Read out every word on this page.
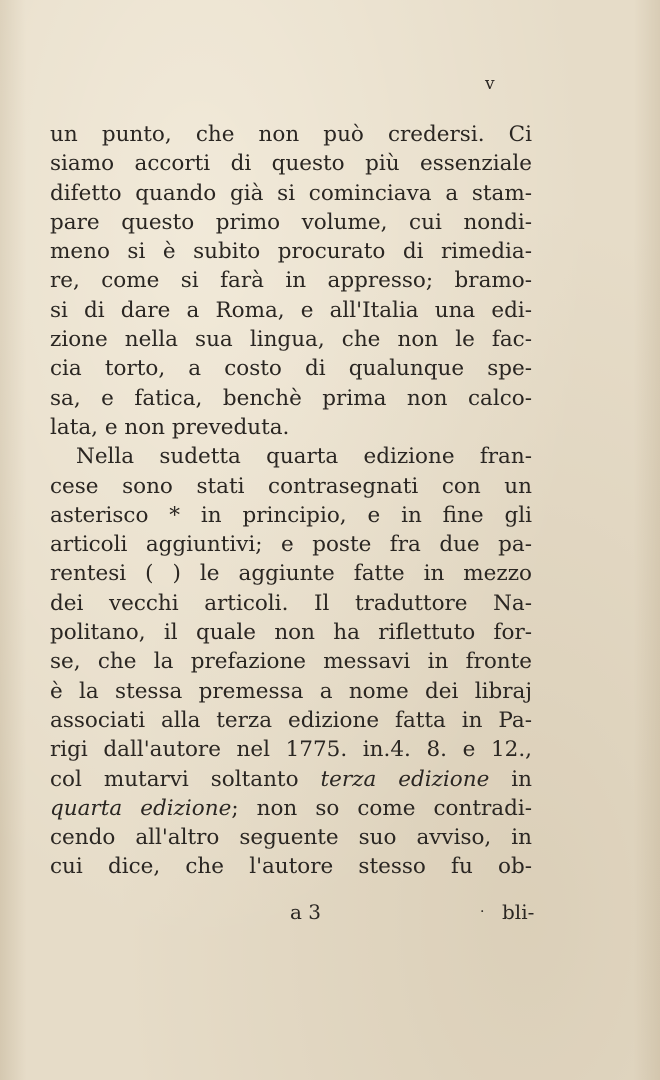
v
un punto, che non può credersi. Ci
siamo accorti di questo più essenziale
difetto quando già si cominciava a stam-
pare questo primo volume, cui nondi-
meno si è subito procurato di rimedia-
re, come si farà in appresso; bramo-
si di dare a Roma, e all'Italia una edi-
zione nella sua lingua, che non le fac-
cia torto, a costo di qualunque spe-
sa, e fatica, benchè prima non calco-
lata, e non preveduta.
Nella sudetta quarta edizione fran-
cese sono stati contrasegnati con un
asterisco * in principio, e in fine gli
articoli aggiuntivi; e poste fra due pa-
rentesi ( ) le aggiunte fatte in mezzo
dei vecchi articoli. Il traduttore Na-
politano, il quale non ha riflettuto for-
se, che la prefazione messavi in fronte
è la stessa premessa a nome dei libraj
associati alla terza edizione fatta in Pa-
rigi dall'autore nel 1775. in.4. 8. e 12.,
col mutarvi soltanto terza edizione in
quarta edizione; non so come contradi-
cendo all'altro seguente suo avviso, in
cui dice, che l'autore stesso fu ob-
a 3	· bli-
